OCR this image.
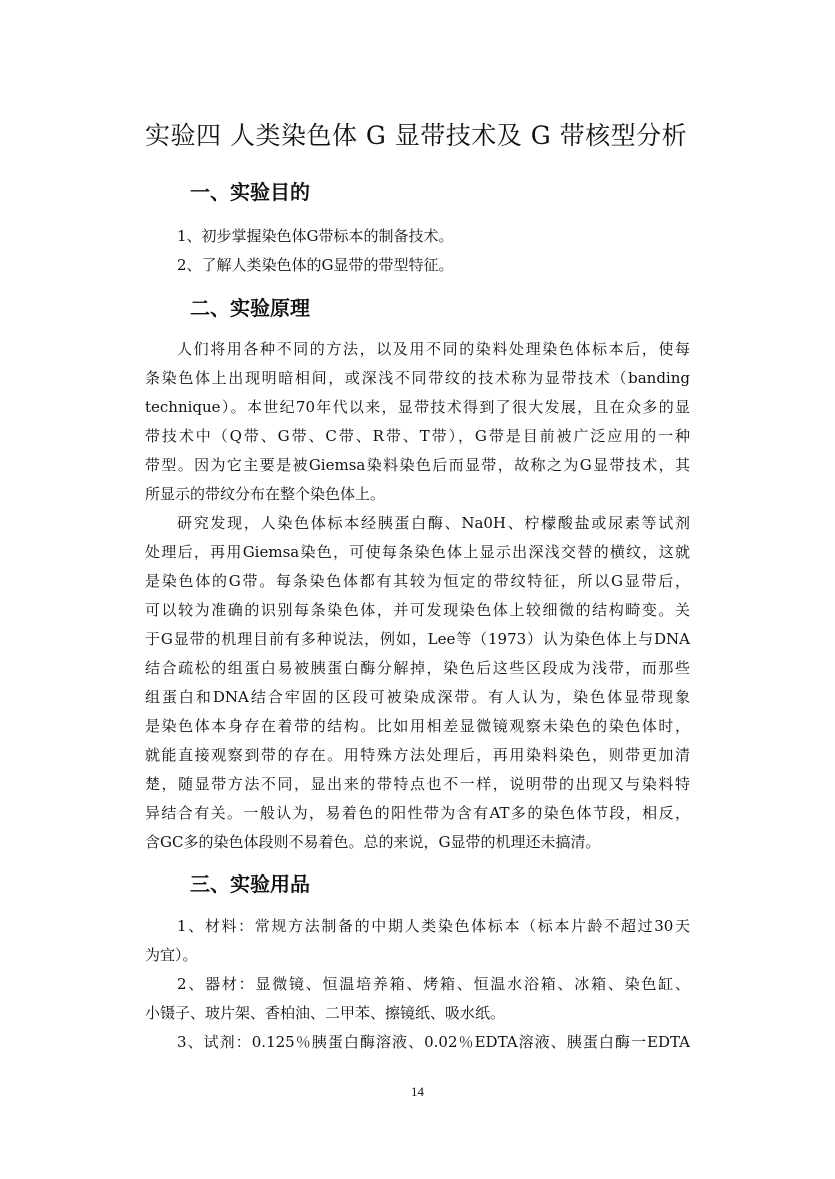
实验四 人类染色体 G 显带技术及 G 带核型分析
一、实验目的
1、初步掌握染色体G带标本的制备技术。
2、了解人类染色体的G显带的带型特征。
二、实验原理
人们将用各种不同的方法，以及用不同的染料处理染色体标本后，使每
条染色体上出现明暗相间，或深浅不同带纹的技术称为显带技术（banding
technique）。本世纪70年代以来，显带技术得到了很大发展，且在众多的显
带技术中（Q带、G带、C带、R带、T带），G带是目前被广泛应用的一种
带型。因为它主要是被Giemsa染料染色后而显带，故称之为G显带技术，其
所显示的带纹分布在整个染色体上。
研究发现，人染色体标本经胰蛋白酶、Na0H、柠檬酸盐或尿素等试剂
处理后，再用Giemsa染色，可使每条染色体上显示出深浅交替的横纹，这就
是染色体的G带。每条染色体都有其较为恒定的带纹特征，所以G显带后，
可以较为准确的识别每条染色体，并可发现染色体上较细微的结构畸变。关
于G显带的机理目前有多种说法，例如，Lee等（1973）认为染色体上与DNA
结合疏松的组蛋白易被胰蛋白酶分解掉，染色后这些区段成为浅带，而那些
组蛋白和DNA结合牢固的区段可被染成深带。有人认为，染色体显带现象
是染色体本身存在着带的结构。比如用相差显微镜观察未染色的染色体时，
就能直接观察到带的存在。用特殊方法处理后，再用染料染色，则带更加清
楚，随显带方法不同，显出来的带特点也不一样，说明带的出现又与染料特
异结合有关。一般认为，易着色的阳性带为含有AT多的染色体节段，相反，
含GC多的染色体段则不易着色。总的来说，G显带的机理还未搞清。
三、实验用品
1、材料：常规方法制备的中期人类染色体标本（标本片龄不超过30天
为宜）。
2、器材：显微镜、恒温培养箱、烤箱、恒温水浴箱、冰箱、染色缸、
小镊子、玻片架、香柏油、二甲苯、擦镜纸、吸水纸。
3、试剂：0.125％胰蛋白酶溶液、0.02％EDTA溶液、胰蛋白酶一EDTA
14
